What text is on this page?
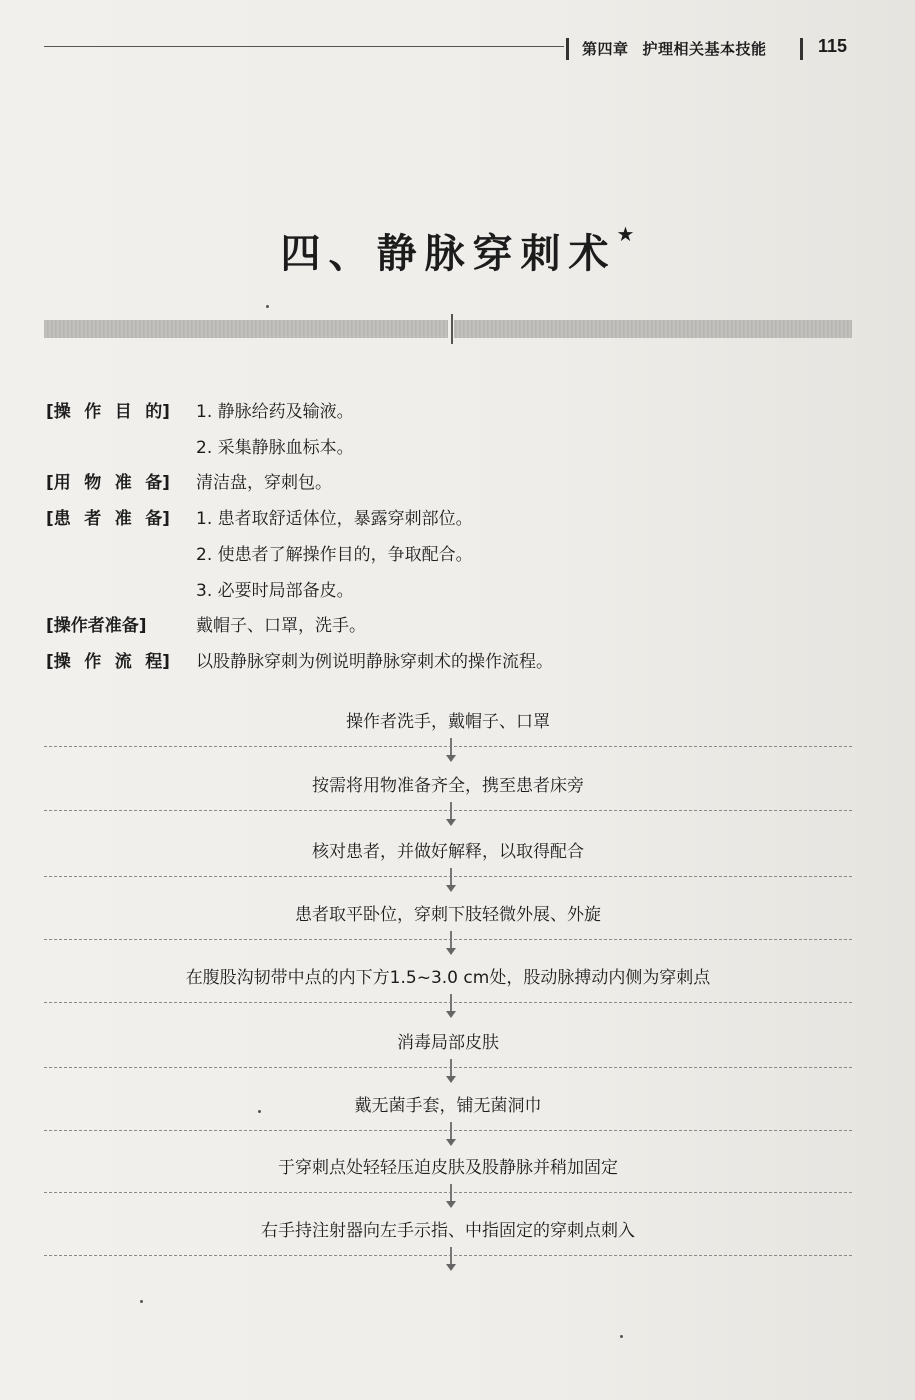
第四章 护理相关基本技能	115
四、静脉穿刺术★
[操 作 目 的] 1. 静脉给药及输液。
2. 采集静脉血标本。
[用 物 准 备] 清洁盘，穿刺包。
[患 者 准 备] 1. 患者取舒适体位，暴露穿刺部位。
2. 使患者了解操作目的，争取配合。
3. 必要时局部备皮。
[操作者准备]	戴帽子、口罩，洗手。
[操 作 流 程] 以股静脉穿刺为例说明静脉穿刺术的操作流程。
操作者洗手，戴帽子、口罩
按需将用物准备齐全，携至患者床旁
核对患者，并做好解释，以取得配合
患者取平卧位，穿刺下肢轻微外展、外旋
在腹股沟韧带中点的内下方1.5~3.0 cm处，股动脉搏动内侧为穿刺点
消毒局部皮肤
戴无菌手套，铺无菌洞巾
于穿刺点处轻轻压迫皮肤及股静脉并稍加固定
右手持注射器向左手示指、中指固定的穿刺点刺入
